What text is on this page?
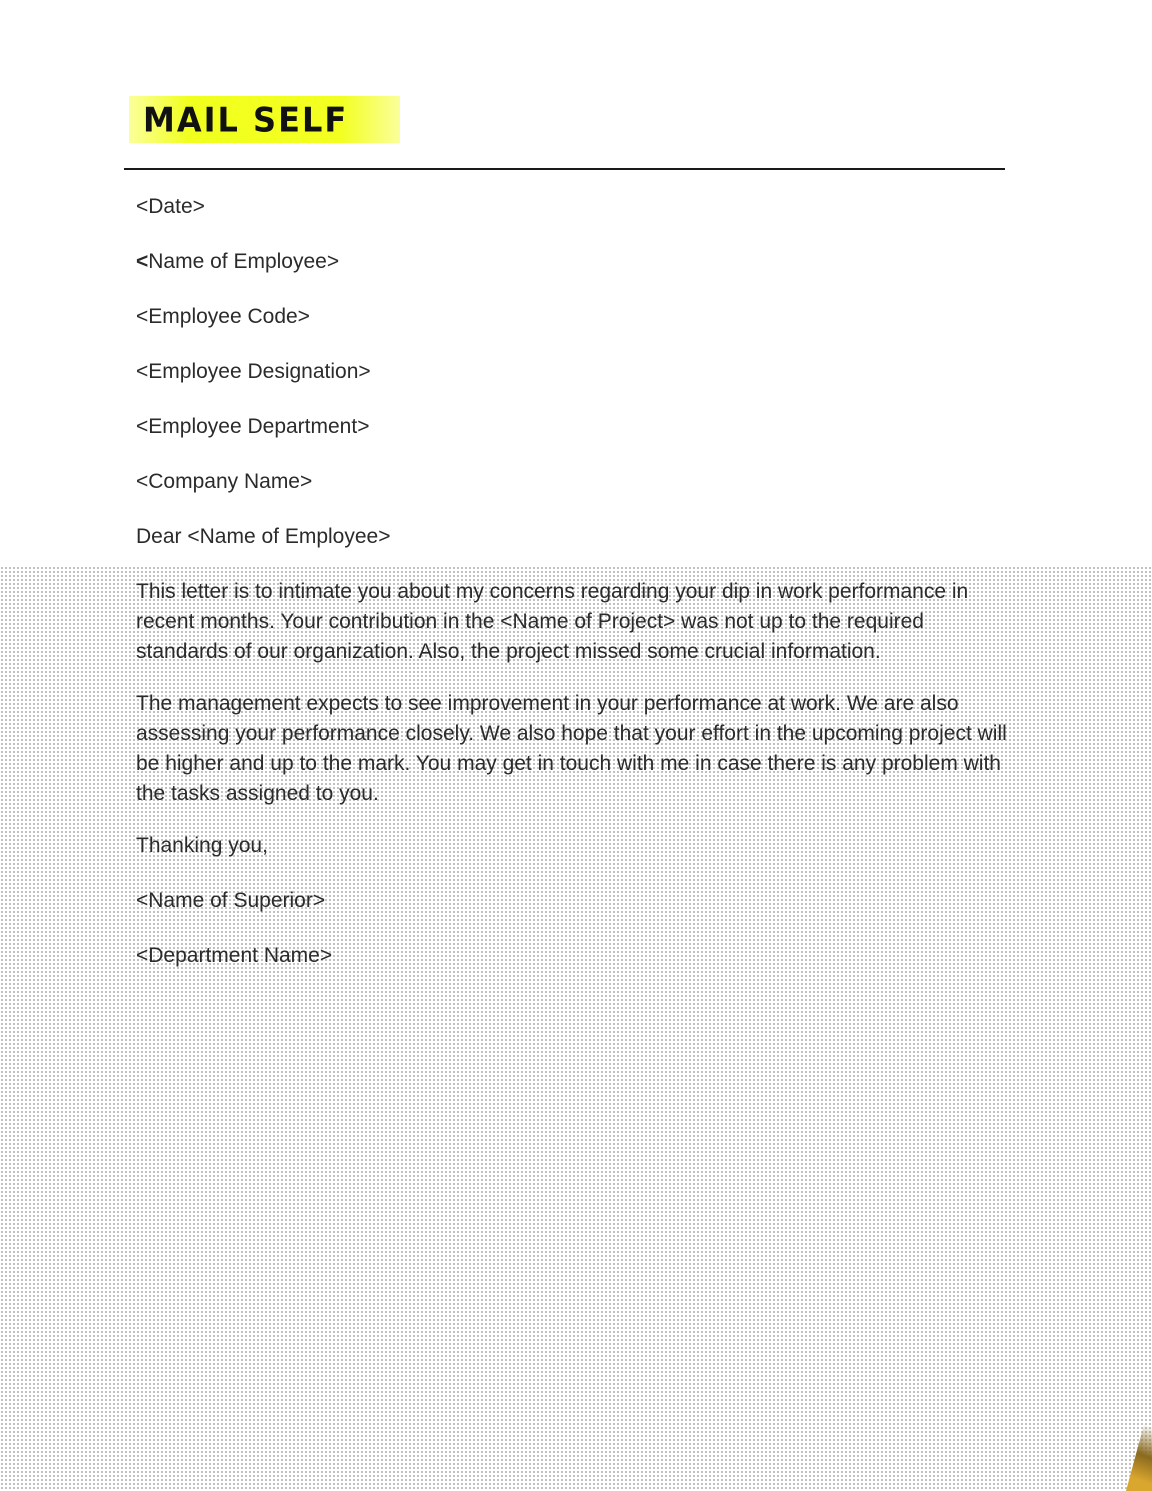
MAIL SELF

<Date>

<Name of Employee>

<Employee Code>

<Employee Designation>

<Employee Department>

<Company Name>

Dear <Name of Employee>

This letter is to intimate you about my concerns regarding your dip in work performance in recent months. Your contribution in the <Name of Project> was not up to the required standards of our organization. Also, the project missed some crucial information.

The management expects to see improvement in your performance at work. We are also assessing your performance closely. We also hope that your effort in the upcoming project will be higher and up to the mark. You may get in touch with me in case there is any problem with the tasks assigned to you.

Thanking you,

<Name of Superior>

<Department Name>
